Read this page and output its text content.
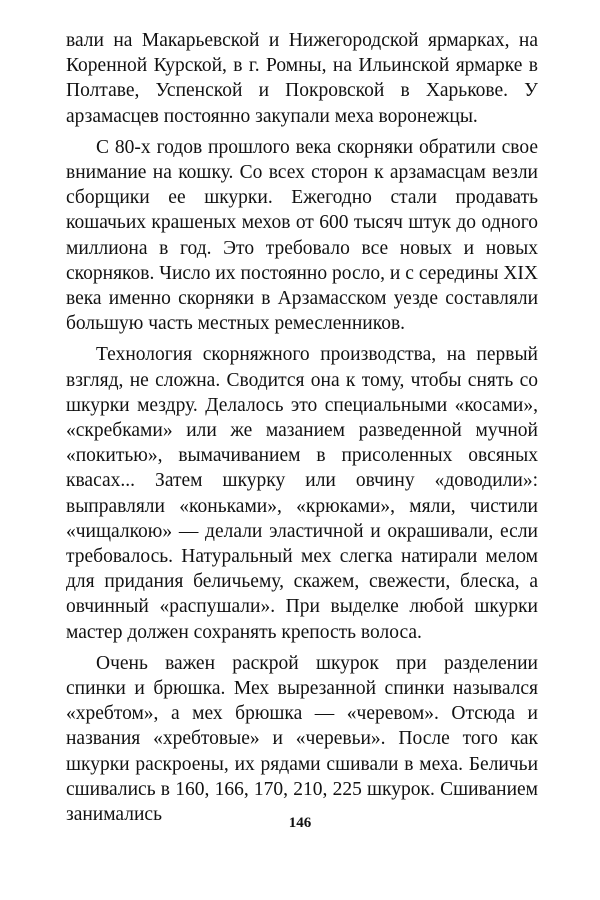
вали на Макарьевской и Нижегородской ярмарках, на Коренной Курской, в г. Ромны, на Ильинской ярмарке в Полтаве, Успенской и Покровской в Харькове. У арзамасцев постоянно закупали меха воронежцы.

С 80-х годов прошлого века скорняки обратили свое внимание на кошку. Со всех сторон к арзамасцам везли сборщики ее шкурки. Ежегодно стали продавать кошачьих крашеных мехов от 600 тысяч штук до одного миллиона в год. Это требовало все новых и новых скорняков. Число их постоянно росло, и с середины XIX века именно скорняки в Арзамасском уезде составляли большую часть местных ремесленников.

Технология скорняжного производства, на первый взгляд, не сложна. Сводится она к тому, чтобы снять со шкурки мездру. Делалось это специальными «косами», «скребками» или же мазанием разведенной мучной «покитью», вымачиванием в присоленных овсяных квасах... Затем шкурку или овчину «доводили»: выправляли «коньками», «крюками», мяли, чистили «чищалкою» — делали эластичной и окрашивали, если требовалось. Натуральный мех слегка натирали мелом для придания беличьему, скажем, свежести, блеска, а овчинный «распушали». При выделке любой шкурки мастер должен сохранять крепость волоса.

Очень важен раскрой шкурок при разделении спинки и брюшка. Мех вырезанной спинки назывался «хребтом», а мех брюшка — «черевом». Отсюда и названия «хребтовые» и «черевьи». После того как шкурки раскроены, их рядами сшивали в меха. Беличьи сшивались в 160, 166, 170, 210, 225 шкурок. Сшиванием занимались	146
